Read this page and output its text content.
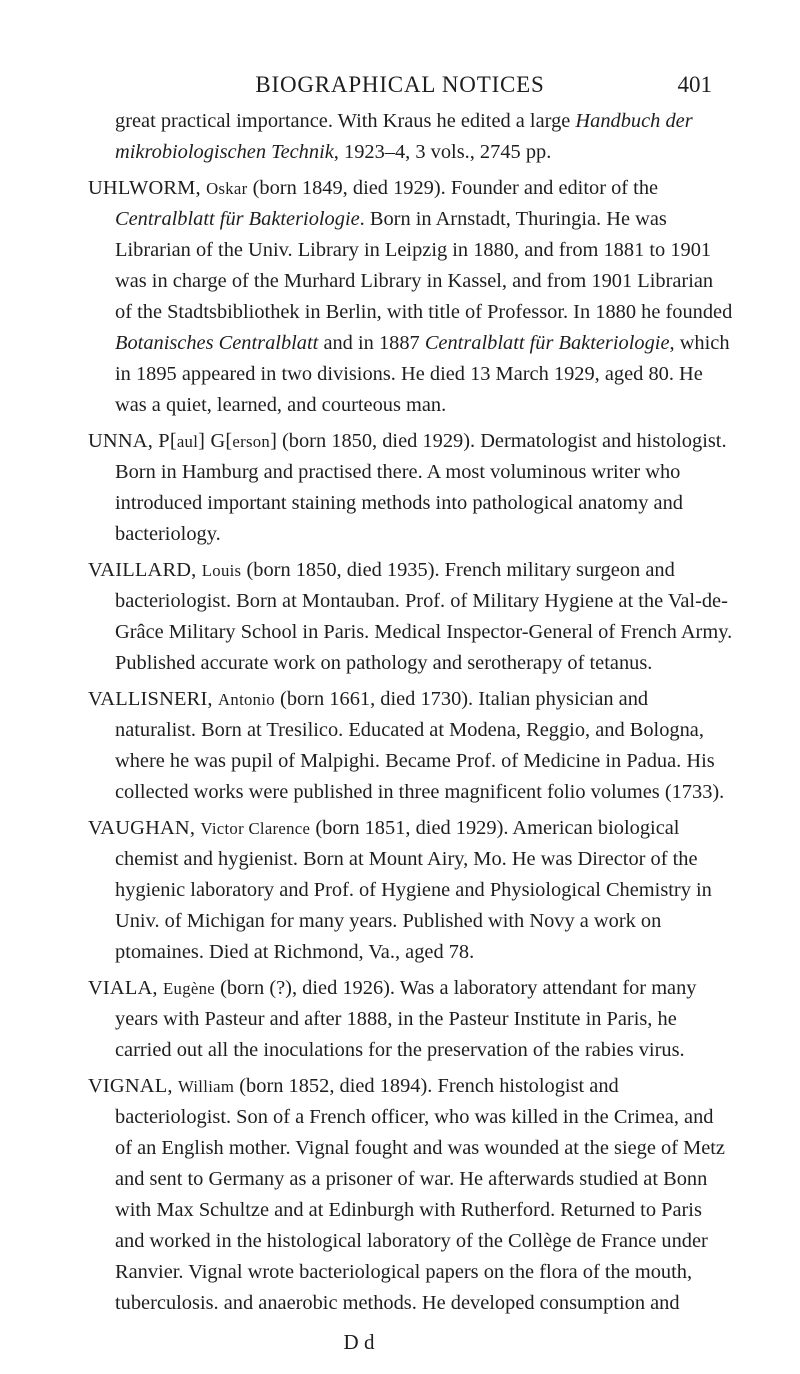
BIOGRAPHICAL NOTICES	401

great practical importance. With Kraus he edited a large Handbuch der mikrobiologischen Technik, 1923–4, 3 vols., 2745 pp.

UHLWORM, Oskar (born 1849, died 1929). Founder and editor of the Centralblatt für Bakteriologie. Born in Arnstadt, Thuringia. He was Librarian of the Univ. Library in Leipzig in 1880, and from 1881 to 1901 was in charge of the Murhard Library in Kassel, and from 1901 Librarian of the Stadtsbibliothek in Berlin, with title of Professor. In 1880 he founded Botanisches Centralblatt and in 1887 Centralblatt für Bakteriologie, which in 1895 appeared in two divisions. He died 13 March 1929, aged 80. He was a quiet, learned, and courteous man.

UNNA, P[aul] G[erson] (born 1850, died 1929). Dermatologist and histologist. Born in Hamburg and practised there. A most voluminous writer who introduced important staining methods into pathological anatomy and bacteriology.

VAILLARD, Louis (born 1850, died 1935). French military surgeon and bacteriologist. Born at Montauban. Prof. of Military Hygiene at the Val-de-Grâce Military School in Paris. Medical Inspector-General of French Army. Published accurate work on pathology and serotherapy of tetanus.

VALLISNERI, Antonio (born 1661, died 1730). Italian physician and naturalist. Born at Tresilico. Educated at Modena, Reggio, and Bologna, where he was pupil of Malpighi. Became Prof. of Medicine in Padua. His collected works were published in three magnificent folio volumes (1733).

VAUGHAN, Victor Clarence (born 1851, died 1929). American biological chemist and hygienist. Born at Mount Airy, Mo. He was Director of the hygienic laboratory and Prof. of Hygiene and Physiological Chemistry in Univ. of Michigan for many years. Published with Novy a work on ptomaines. Died at Richmond, Va., aged 78.

VIALA, Eugène (born (?), died 1926). Was a laboratory attendant for many years with Pasteur and after 1888, in the Pasteur Institute in Paris, he carried out all the inoculations for the preservation of the rabies virus.

VIGNAL, William (born 1852, died 1894). French histologist and bacteriologist. Son of a French officer, who was killed in the Crimea, and of an English mother. Vignal fought and was wounded at the siege of Metz and sent to Germany as a prisoner of war. He afterwards studied at Bonn with Max Schultze and at Edinburgh with Rutherford. Returned to Paris and worked in the histological laboratory of the Collège de France under Ranvier. Vignal wrote bacteriological papers on the flora of the mouth, tuberculosis. and anaerobic methods. He developed consumption and

D d
